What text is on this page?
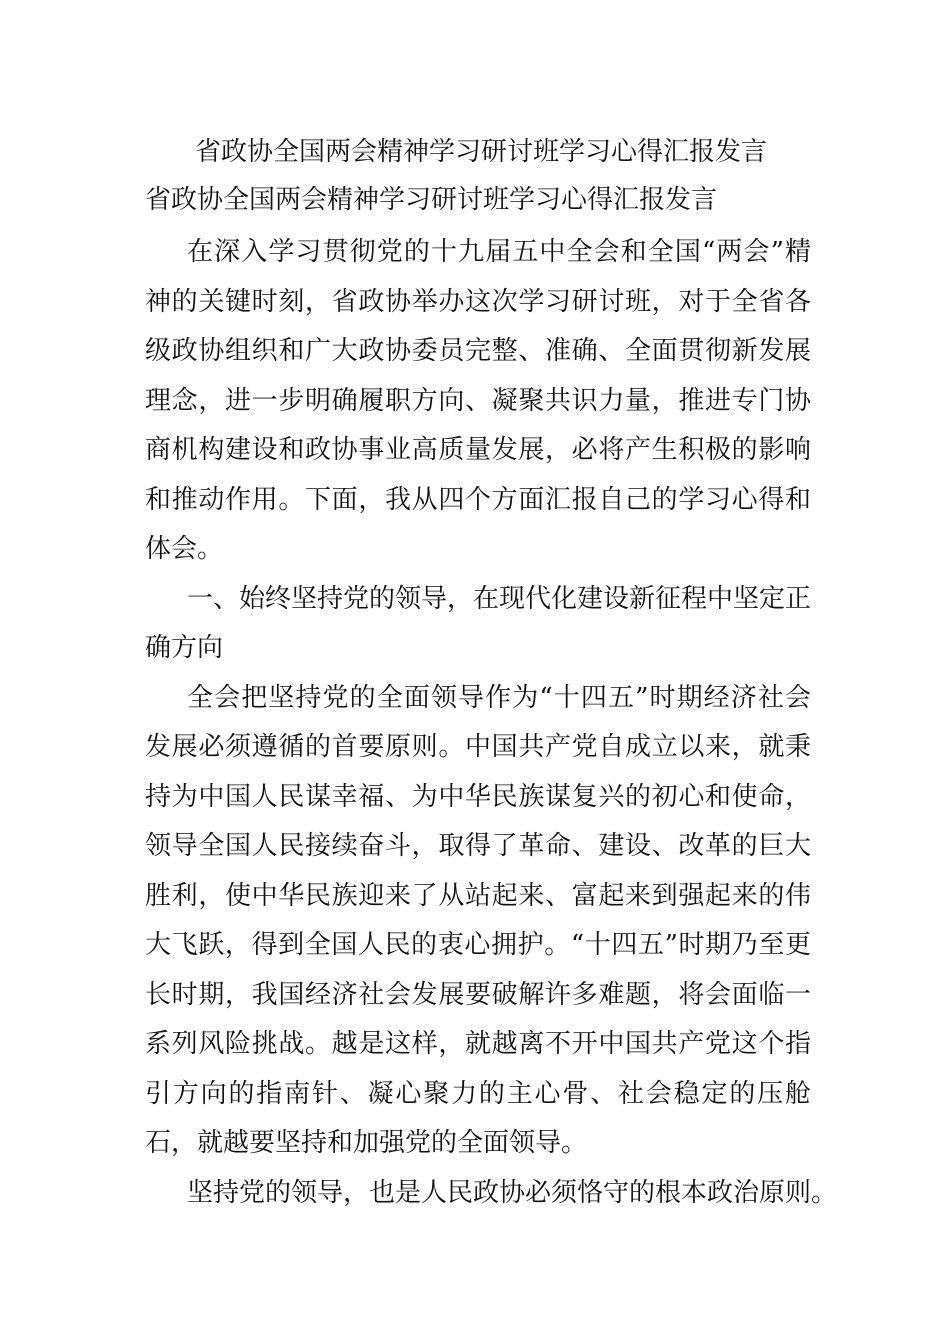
省政协全国两会精神学习研讨班学习心得汇报发言
省政协全国两会精神学习研讨班学习心得汇报发言

在深入学习贯彻党的十九届五中全会和全国“两会”精神的关键时刻，省政协举办这次学习研讨班，对于全省各级政协组织和广大政协委员完整、准确、全面贯彻新发展理念，进一步明确履职方向、凝聚共识力量，推进专门协商机构建设和政协事业高质量发展，必将产生积极的影响和推动作用。下面，我从四个方面汇报自己的学习心得和体会。

一、始终坚持党的领导，在现代化建设新征程中坚定正确方向

全会把坚持党的全面领导作为“十四五”时期经济社会发展必须遵循的首要原则。中国共产党自成立以来，就秉持为中国人民谋幸福、为中华民族谋复兴的初心和使命，领导全国人民接续奋斗，取得了革命、建设、改革的巨大胜利，使中华民族迎来了从站起来、富起来到强起来的伟大飞跃，得到全国人民的衷心拥护。“十四五”时期乃至更长时期，我国经济社会发展要破解许多难题，将会面临一系列风险挑战。越是这样，就越离不开中国共产党这个指引方向的指南针、凝心聚力的主心骨、社会稳定的压舱石，就越要坚持和加强党的全面领导。

坚持党的领导，也是人民政协必须恪守的根本政治原则。
